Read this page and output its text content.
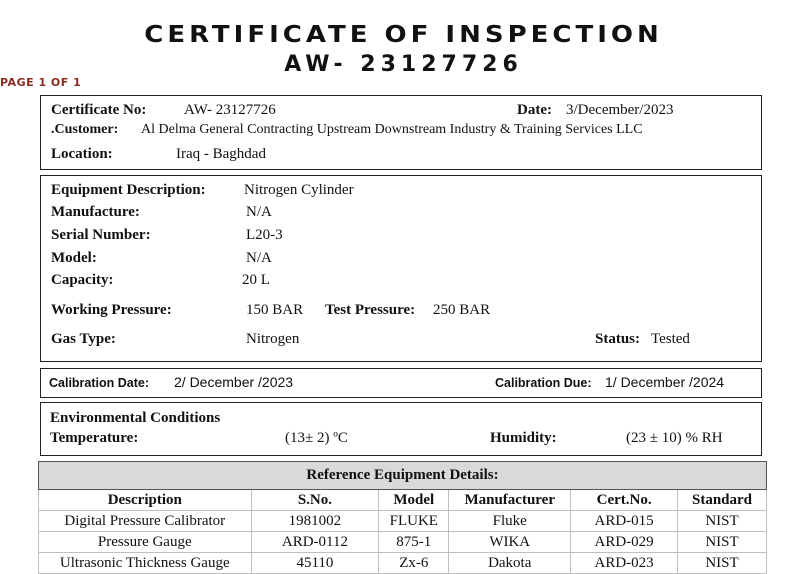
CERTIFICATE OF INSPECTION
AW- 23127726
PAGE 1 OF 1
Certificate No:	AW- 23127726	Date: 3/December/2023
.Customer: Al Delma General Contracting Upstream Downstream Industry & Training Services LLC
Location:	Iraq - Baghdad
Equipment Description:	Nitrogen Cylinder
Manufacture:	N/A
Serial Number:	L20-3
Model:	N/A
Capacity:	20 L
Working Pressure:	150 BAR Test Pressure: 250 BAR
Gas Type:	Nitrogen	Status: Tested
Calibration Date: 2/ December /2023	Calibration Due: 1/ December /2024
Environmental Conditions
Temperature:	(13± 2) ºC	Humidity:	(23 ± 10) % RH
Reference Equipment Details:					
Description	S.No.	Model	Manufacturer	Cert.No.	Standard
Digital Pressure Calibrator	1981002	FLUKE	Fluke	ARD-015	NIST
Pressure Gauge	ARD-0112	875-1	WIKA	ARD-029	NIST
Ultrasonic Thickness Gauge	45110	Zx-6	Dakota	ARD-023	NIST
